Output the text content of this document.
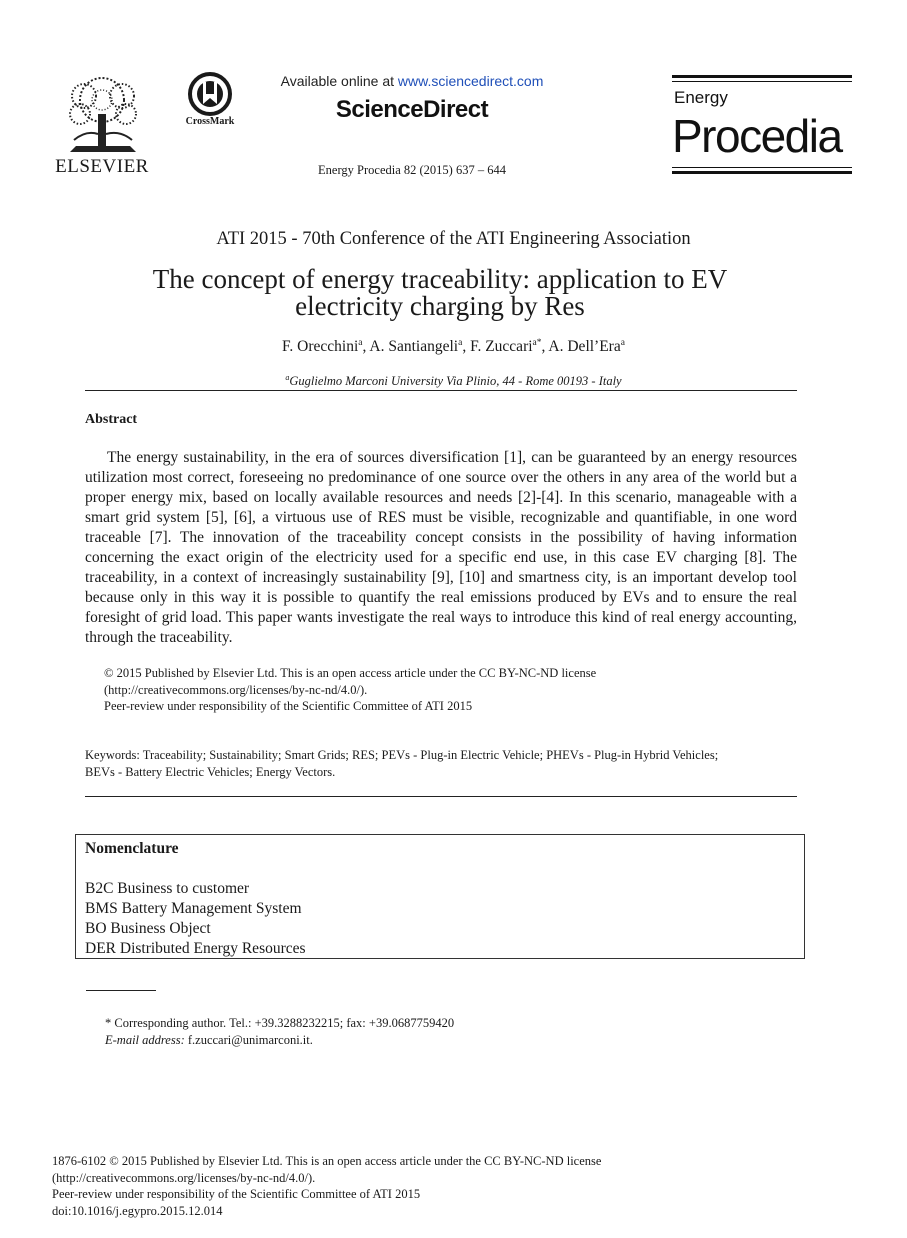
ELSEVIER
CrossMark
Available online at www.sciencedirect.com
ScienceDirect
Energy Procedia 82 (2015) 637 – 644
Energy
Procedia
ATI 2015 - 70th Conference of the ATI Engineering Association
The concept of energy traceability: application to EV
electricity charging by Res
F. Orecchini$^a$, A. Santiangeli$^a$, F. Zuccari$^{a*}$, A. Dell’Era$^a$
$^a$Guglielmo Marconi University Via Plinio, 44 - Rome 00193 - Italy
Abstract
The energy sustainability, in the era of sources diversification [1], can be guaranteed by an energy resources utilization most correct, foreseeing no predominance of one source over the others in any area of the world but a proper energy mix, based on locally available resources and needs [2]-[4]. In this scenario, manageable with a smart grid system [5], [6], a virtuous use of RES must be visible, recognizable and quantifiable, in one word traceable [7]. The innovation of the traceability concept consists in the possibility of having information concerning the exact origin of the electricity used for a specific end use, in this case EV charging [8]. The traceability, in a context of increasingly sustainability [9], [10] and smartness city, is an important develop tool because only in this way it is possible to quantify the real emissions produced by EVs and to ensure the real foresight of grid load. This paper wants investigate the real ways to introduce this kind of real energy accounting, through the traceability.
© 2015 Published by Elsevier Ltd. This is an open access article under the CC BY-NC-ND license
(http://creativecommons.org/licenses/by-nc-nd/4.0/).
Peer-review under responsibility of the Scientific Committee of ATI 2015
Keywords: Traceability; Sustainability; Smart Grids; RES; PEVs - Plug-in Electric Vehicle; PHEVs - Plug-in Hybrid Vehicles;
BEVs - Battery Electric Vehicles; Energy Vectors.
Nomenclature
B2C Business to customer
BMS Battery Management System
BO Business Object
DER Distributed Energy Resources
* Corresponding author. Tel.: +39.3288232215; fax: +39.0687759420
E-mail address: f.zuccari@unimarconi.it.
1876-6102 © 2015 Published by Elsevier Ltd. This is an open access article under the CC BY-NC-ND license
(http://creativecommons.org/licenses/by-nc-nd/4.0/).
Peer-review under responsibility of the Scientific Committee of ATI 2015
doi:10.1016/j.egypro.2015.12.014
